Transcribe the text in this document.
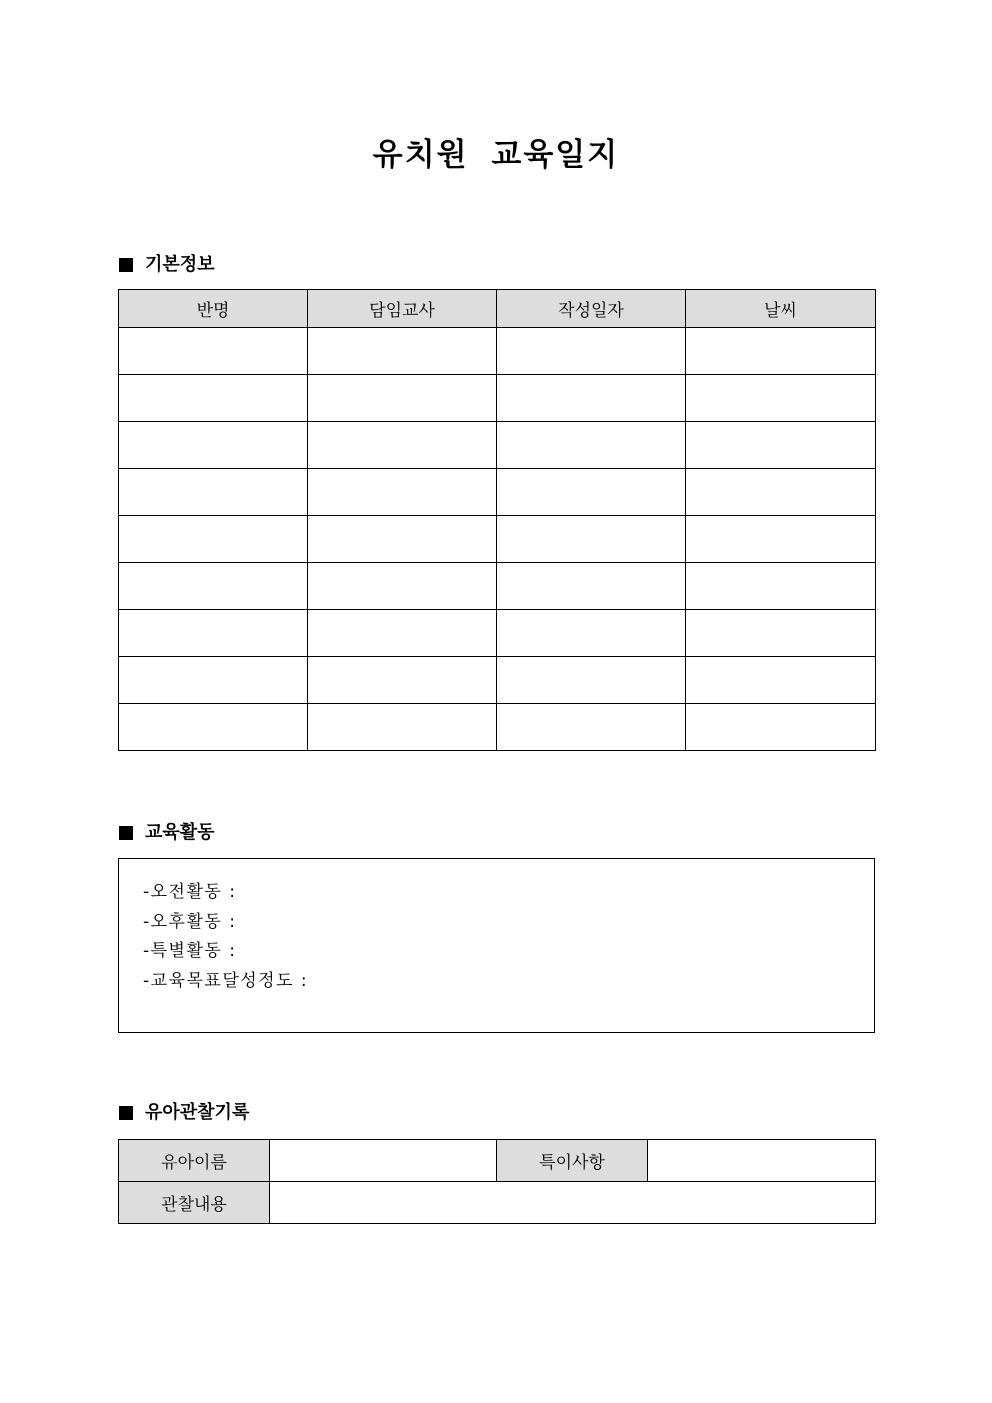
유치원 교육일지
기본정보
반명	담임교사	작성일자	날씨

교육활동
-오전활동 :
-오후활동 :
-특별활동 :
-교육목표달성정도 :
유아관찰기록
유아이름		특이사항	
관찰내용			
